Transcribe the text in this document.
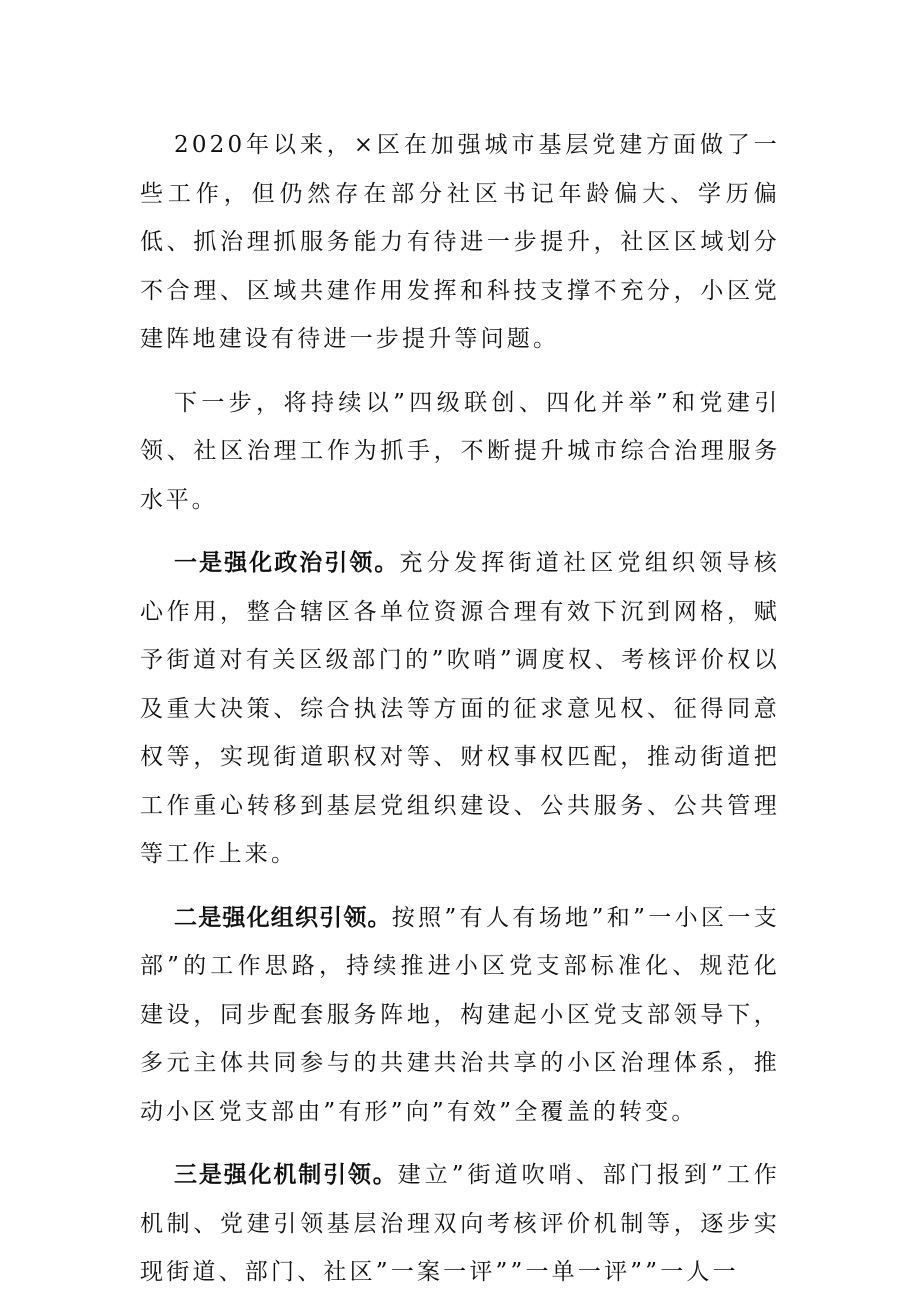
2020年以来，×区在加强城市基层党建方面做了一些工作，但仍然存在部分社区书记年龄偏大、学历偏低、抓治理抓服务能力有待进一步提升，社区区域划分不合理、区域共建作用发挥和科技支撑不充分，小区党建阵地建设有待进一步提升等问题。

下一步，将持续以”四级联创、四化并举”和党建引领、社区治理工作为抓手，不断提升城市综合治理服务水平。

一是强化政治引领。充分发挥街道社区党组织领导核心作用，整合辖区各单位资源合理有效下沉到网格，赋予街道对有关区级部门的”吹哨”调度权、考核评价权以及重大决策、综合执法等方面的征求意见权、征得同意权等，实现街道职权对等、财权事权匹配，推动街道把工作重心转移到基层党组织建设、公共服务、公共管理等工作上来。

二是强化组织引领。按照”有人有场地”和”一小区一支部”的工作思路，持续推进小区党支部标准化、规范化建设，同步配套服务阵地，构建起小区党支部领导下，多元主体共同参与的共建共治共享的小区治理体系，推动小区党支部由”有形”向”有效”全覆盖的转变。

三是强化机制引领。建立”街道吹哨、部门报到”工作机制、党建引领基层治理双向考核评价机制等，逐步实现街道、部门、社区”一案一评””一单一评””一人一
